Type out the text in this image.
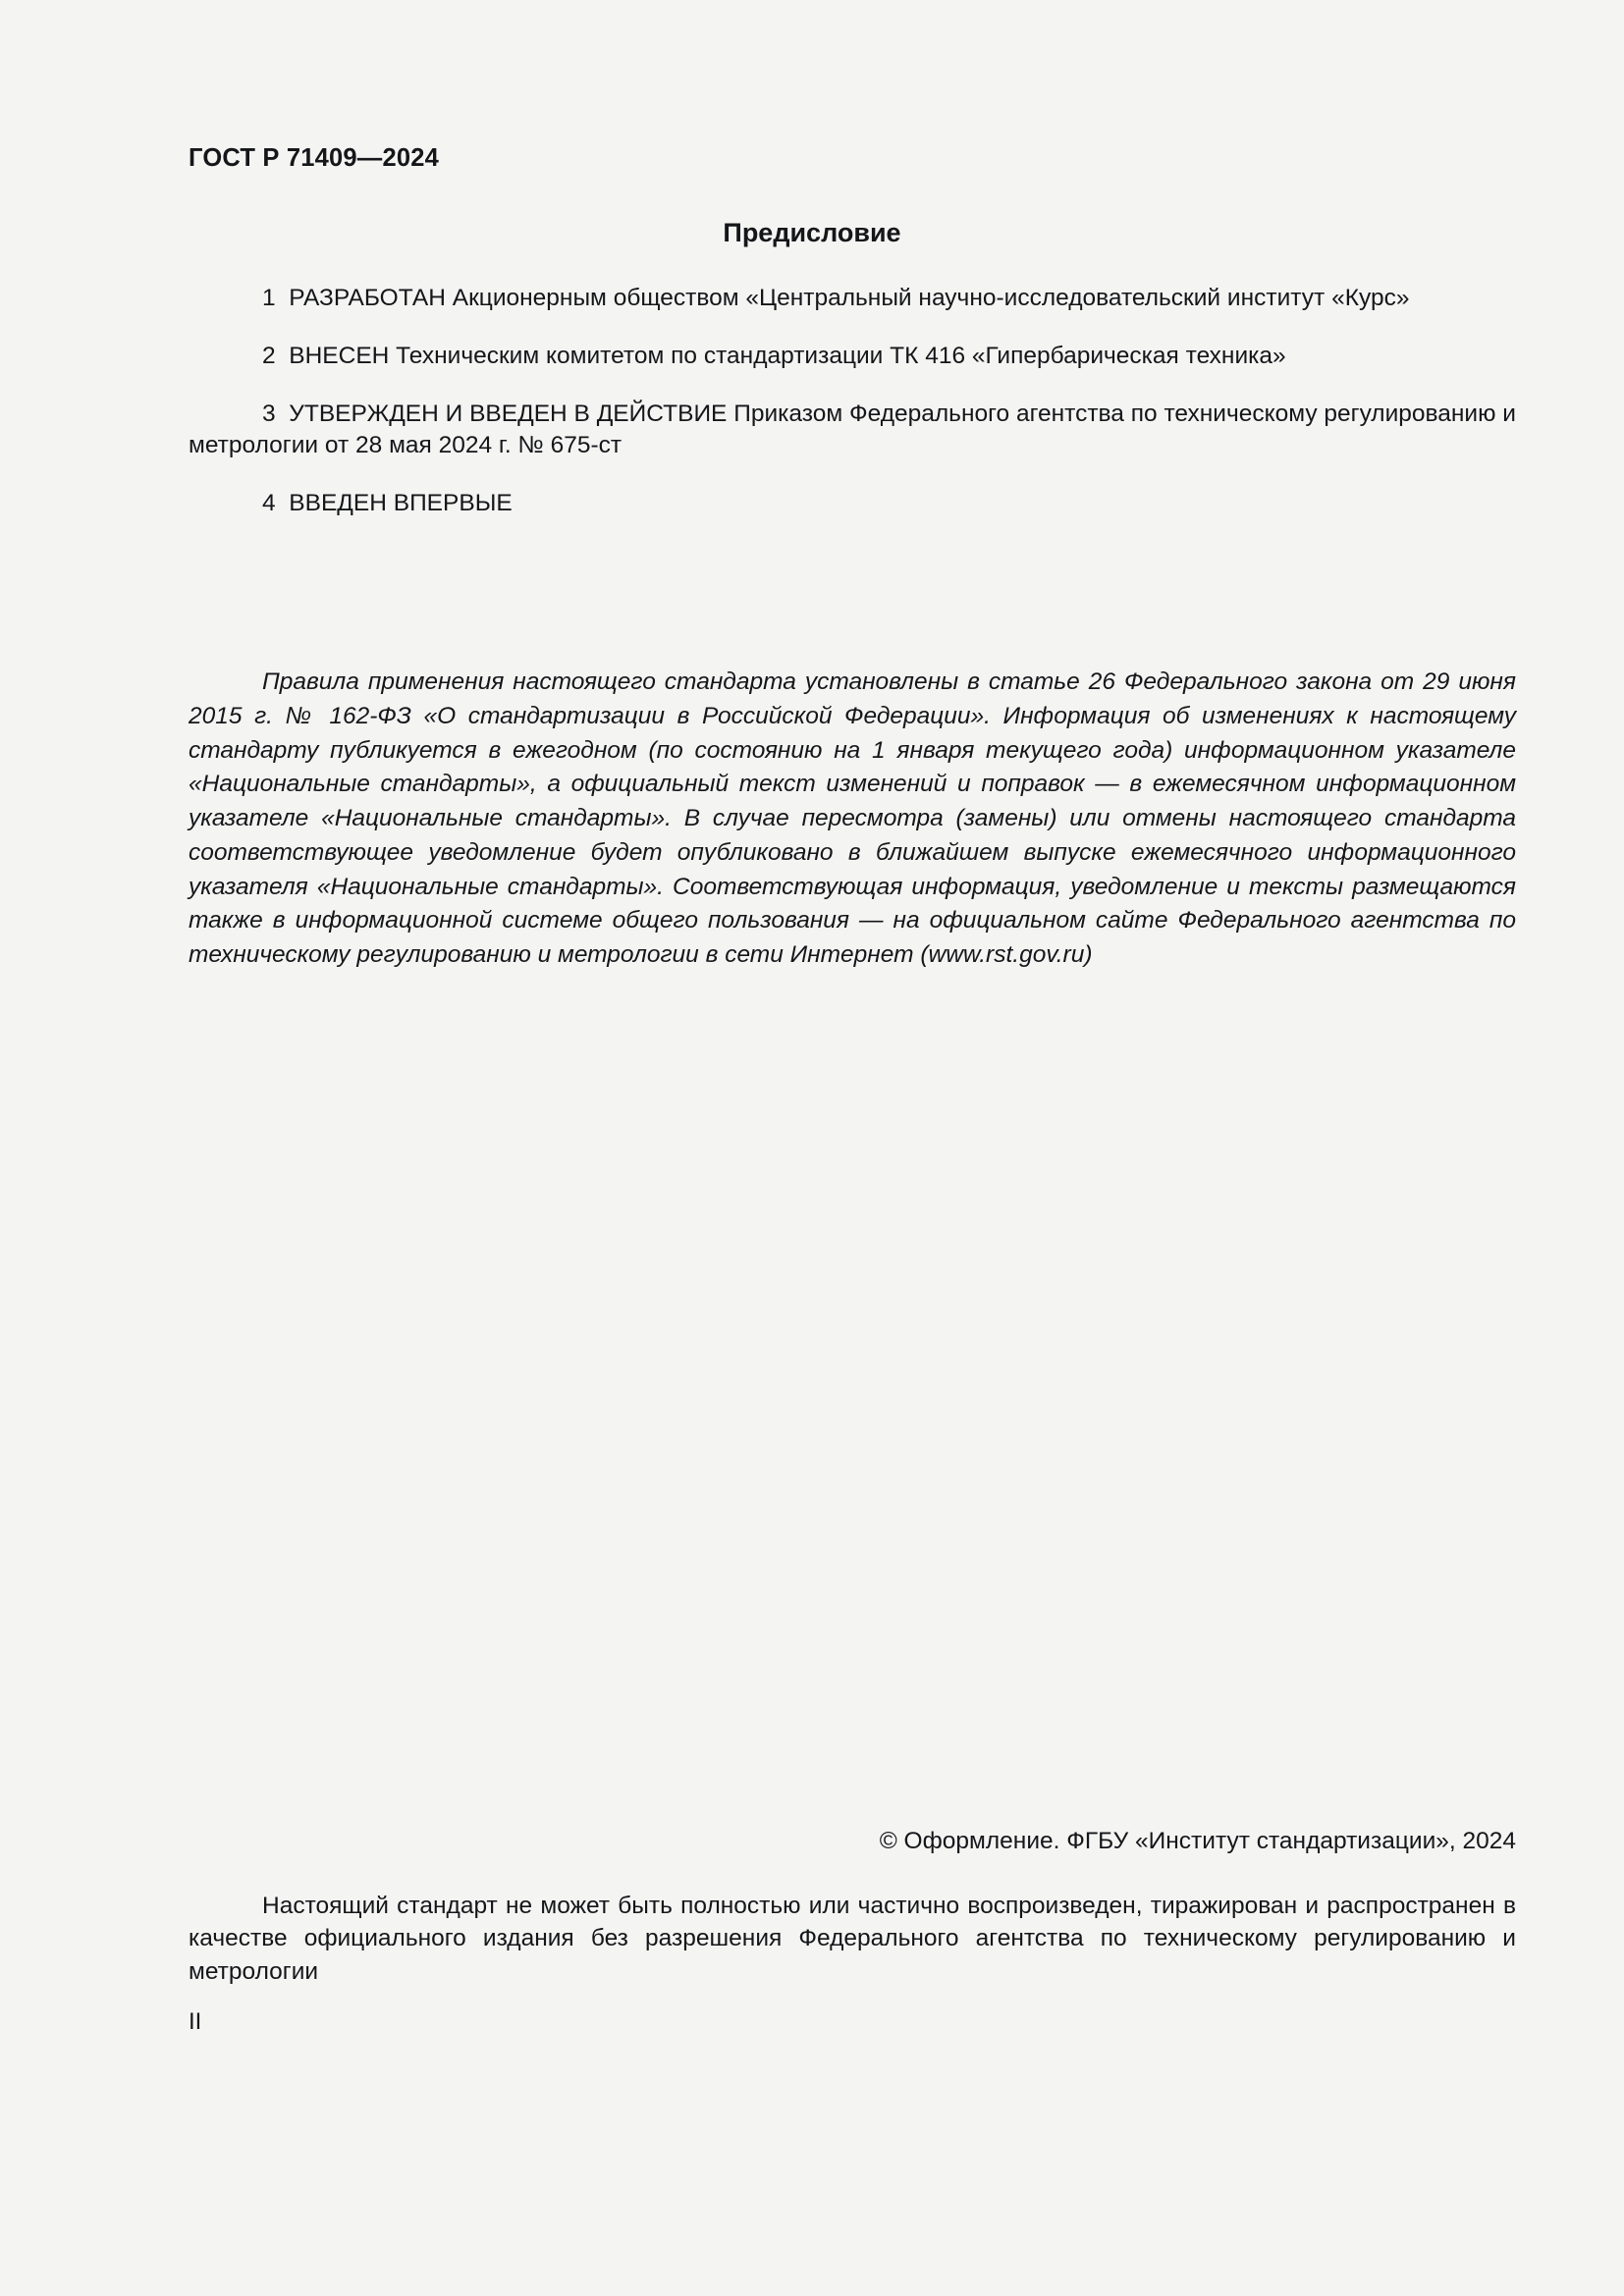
ГОСТ Р 71409—2024
Предисловие
1 РАЗРАБОТАН Акционерным обществом «Центральный научно-исследовательский институт «Курс»
2 ВНЕСЕН Техническим комитетом по стандартизации ТК 416 «Гипербарическая техника»
3 УТВЕРЖДЕН И ВВЕДЕН В ДЕЙСТВИЕ Приказом Федерального агентства по техническому регулированию и метрологии от 28 мая 2024 г. № 675-ст
4 ВВЕДЕН ВПЕРВЫЕ
Правила применения настоящего стандарта установлены в статье 26 Федерального закона от 29 июня 2015 г. № 162-ФЗ «О стандартизации в Российской Федерации». Информация об изменениях к настоящему стандарту публикуется в ежегодном (по состоянию на 1 января текущего года) информационном указателе «Национальные стандарты», а официальный текст изменений и поправок — в ежемесячном информационном указателе «Национальные стандарты». В случае пересмотра (замены) или отмены настоящего стандарта соответствующее уведомление будет опубликовано в ближайшем выпуске ежемесячного информационного указателя «Национальные стандарты». Соответствующая информация, уведомление и тексты размещаются также в информационной системе общего пользования — на официальном сайте Федерального агентства по техническому регулированию и метрологии в сети Интернет (www.rst.gov.ru)
© Оформление. ФГБУ «Институт стандартизации», 2024
Настоящий стандарт не может быть полностью или частично воспроизведен, тиражирован и распространен в качестве официального издания без разрешения Федерального агентства по техническому регулированию и метрологии
II
